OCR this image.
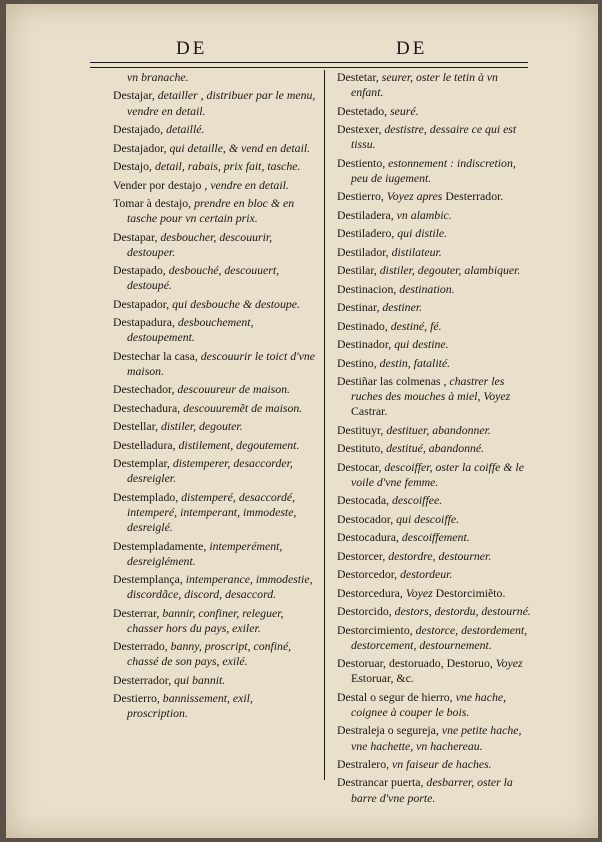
DE	DE
vn branache.
Destajar, detailler , distribuer par le menu, vendre en detail.
Destajado, detaillé.
Destajador, qui detaille, & vend en detail.
Destajo, detail, rabais, prix fait, tasche.
Vender por destajo , vendre en detail.
Tomar à destajo, prendre en bloc & en tasche pour vn certain prix.
Destapar, desboucher, descouurir, destouper.
Destapado, desbouché, descouuert, destoupé.
Destapador, qui desbouche & destoupe.
Destapadura, desbouchement, destoupement.
Destechar la casa, descouurir le toict d'vne maison.
Destechador, descouureur de maison.
Destechadura, descouuremẽt de maison.
Destellar, distiler, degouter.
Destelladura, distilement, degoutement.
Destemplar, distemperer, desaccorder, desreigler.
Destemplado, distemperé, desaccordé, intemperé, intemperant, immodeste, desreiglé.
Destempladamente, intemperément, desreiglément.
Destemplança, intemperance, immodestie, discordãce, discord, desaccord.
Desterrar, bannir, confiner, releguer, chasser hors du pays, exiler.
Desterrado, banny, proscript, confiné, chassé de son pays, exilé.
Desterrador, qui bannit.
Destierro, bannissement, exil, proscription.
Destetar, seurer, oster le tetin à vn enfant.
Destetado, seuré.
Destexer, destistre, dessaire ce qui est tissu.
Destiento, estonnement : indiscretion, peu de iugement.
Destierro, Voyez apres Desterrador.
Destiladera, vn alambic.
Destiladero, qui distile.
Destilador, distilateur.
Destilar, distiler, degouter, alambiquer.
Destinacion, destination.
Destinar, destiner.
Destinado, destiné, fé.
Destinador, qui destine.
Destino, destin, fatalité.
Destiñar las colmenas , chastrer les ruches des mouches à miel, Voyez Castrar.
Destituyr, destituer, abandonner.
Destituto, destitué, abandonné.
Destocar, descoiffer, oster la coiffe & le voile d'vne femme.
Destocada, descoiffee.
Destocador, qui descoiffe.
Destocadura, descoiffement.
Destorcer, destordre, destourner.
Destorcedor, destordeur.
Destorcedura, Voyez Destorcimiẽto.
Destorcido, destors, destordu, destourné.
Destorcimiento, destorce, destordement, destorcement, destournement.
Destoruar, destoruado, Destoruo, Voyez Estoruar, &c.
Destal o segur de hierro, vne hache, coignee à couper le bois.
Destraleja o segureja, vne petite hache, vne hachette, vn hachereau.
Destralero, vn faiseur de haches.
Destrancar puerta, desbarrer, oster la barre d'vne porte.
